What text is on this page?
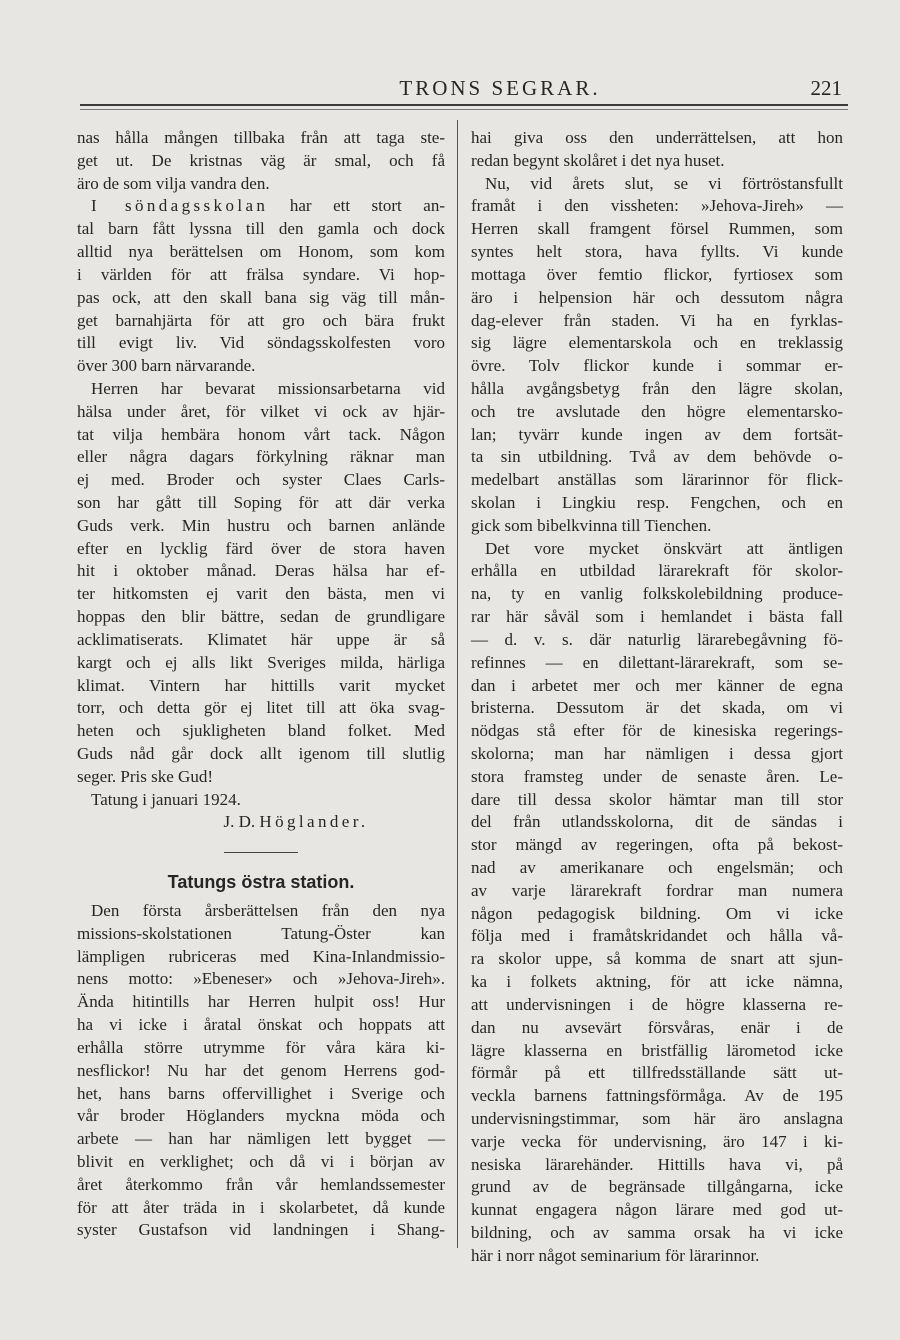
TRONS SEGRAR.	221
nas hålla mången tillbaka från att taga ste-
get ut. De kristnas väg är smal, och få
äro de som vilja vandra den.
I söndagsskolan har ett stort an-
tal barn fått lyssna till den gamla och dock
alltid nya berättelsen om Honom, som kom
i världen för att frälsa syndare. Vi hop-
pas ock, att den skall bana sig väg till mån-
get barnahjärta för att gro och bära frukt
till evigt liv. Vid söndagsskolfesten voro
över 300 barn närvarande.
Herren har bevarat missionsarbetarna vid
hälsa under året, för vilket vi ock av hjär-
tat vilja hembära honom vårt tack. Någon
eller några dagars förkylning räknar man
ej med. Broder och syster Claes Carls-
son har gått till Soping för att där verka
Guds verk. Min hustru och barnen anlände
efter en lycklig färd över de stora haven
hit i oktober månad. Deras hälsa har ef-
ter hitkomsten ej varit den bästa, men vi
hoppas den blir bättre, sedan de grundligare
acklimatiserats. Klimatet här uppe är så
kargt och ej alls likt Sveriges milda, härliga
klimat. Vintern har hittills varit mycket
torr, och detta gör ej litet till att öka svag-
heten och sjukligheten bland folket. Med
Guds nåd går dock allt igenom till slutlig
seger. Pris ske Gud!
Tatung i januari 1924.
J. D. Höglander.
Tatungs östra station.
Den första årsberättelsen från den nya
missions-skolstationen Tatung-Öster kan
lämpligen rubriceras med Kina-Inlandmissio-
nens motto: »Ebeneser» och »Jehova-Jireh».
Ända hitintills har Herren hulpit oss! Hur
ha vi icke i åratal önskat och hoppats att
erhålla större utrymme för våra kära ki-
nesflickor! Nu har det genom Herrens god-
het, hans barns offervillighet i Sverige och
vår broder Höglanders myckna möda och
arbete — han har nämligen lett bygget —
blivit en verklighet; och då vi i början av
året återkommo från vår hemlandssemester
för att åter träda in i skolarbetet, då kunde
syster Gustafson vid landningen i Shang-
hai giva oss den underrättelsen, att hon
redan begynt skolåret i det nya huset.
Nu, vid årets slut, se vi förtröstansfullt
framåt i den vissheten: »Jehova-Jireh» —
Herren skall framgent försel Rummen, som
syntes helt stora, hava fyllts. Vi kunde
mottaga över femtio flickor, fyrtiosex som
äro i helpension här och dessutom några
dag-elever från staden. Vi ha en fyrklas-
sig lägre elementarskola och en treklassig
övre. Tolv flickor kunde i sommar er-
hålla avgångsbetyg från den lägre skolan,
och tre avslutade den högre elementarsko-
lan; tyvärr kunde ingen av dem fortsät-
ta sin utbildning. Två av dem behövde o-
medelbart anställas som lärarinnor för flick-
skolan i Lingkiu resp. Fengchen, och en
gick som bibelkvinna till Tienchen.
Det vore mycket önskvärt att äntligen
erhålla en utbildad lärarekraft för skolor-
na, ty en vanlig folkskolebildning produce-
rar här såväl som i hemlandet i bästa fall
— d. v. s. där naturlig lärarebegåvning fö-
refinnes — en dilettant-lärarekraft, som se-
dan i arbetet mer och mer känner de egna
bristerna. Dessutom är det skada, om vi
nödgas stå efter för de kinesiska regerings-
skolorna; man har nämligen i dessa gjort
stora framsteg under de senaste åren. Le-
dare till dessa skolor hämtar man till stor
del från utlandsskolorna, dit de sändas i
stor mängd av regeringen, ofta på bekost-
nad av amerikanare och engelsmän; och
av varje lärarekraft fordrar man numera
någon pedagogisk bildning. Om vi icke
följa med i framåtskridandet och hålla vå-
ra skolor uppe, så komma de snart att sjun-
ka i folkets aktning, för att icke nämna,
att undervisningen i de högre klasserna re-
dan nu avsevärt försvåras, enär i de
lägre klasserna en bristfällig lärometod icke
förmår på ett tillfredsställande sätt ut-
veckla barnens fattningsförmåga. Av de 195
undervisningstimmar, som här äro anslagna
varje vecka för undervisning, äro 147 i ki-
nesiska lärarehänder. Hittills hava vi, på
grund av de begränsade tillgångarna, icke
kunnat engagera någon lärare med god ut-
bildning, och av samma orsak ha vi icke
här i norr något seminarium för lärarinnor.
